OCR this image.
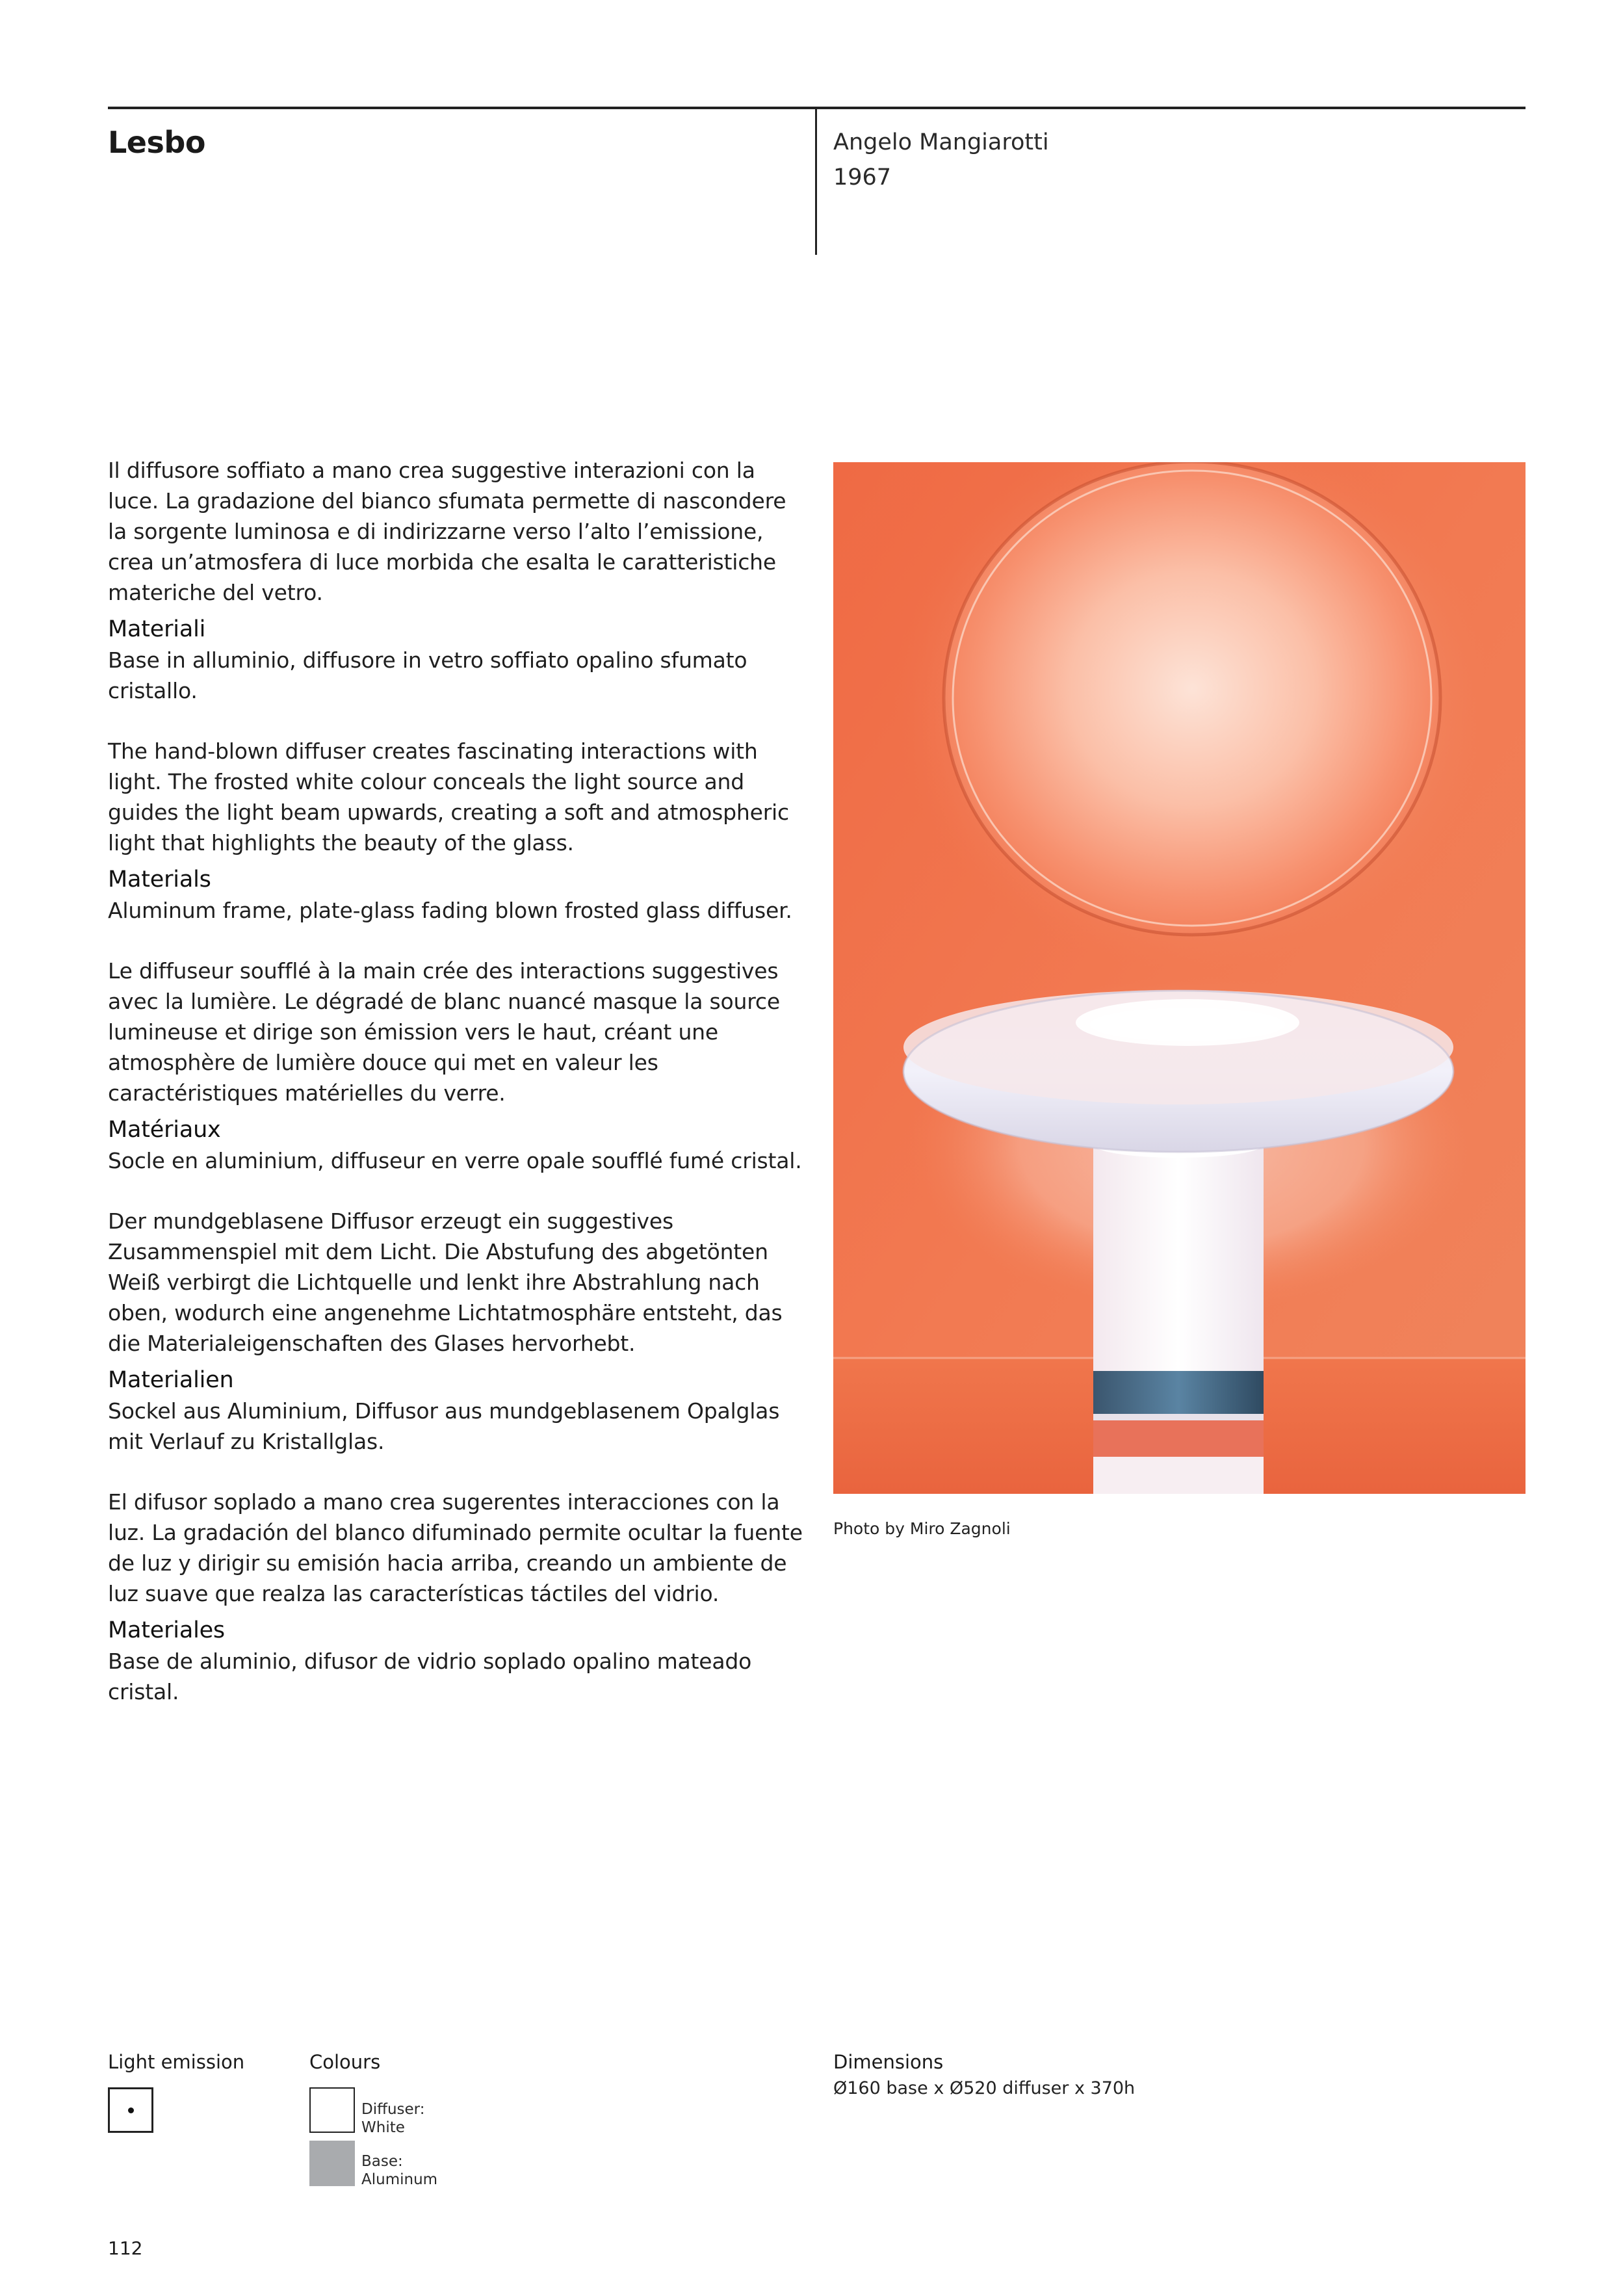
Lesbo	Angelo Mangiarotti
1967

Il diffusore soffiato a mano crea suggestive interazioni con la luce. La gradazione del bianco sfumata permette di nascondere la sorgente luminosa e di indirizzarne verso l’alto l’emissione, crea un’atmosfera di luce morbida che esalta le caratteristiche materiche del vetro.

Materiali

Base in alluminio, diffusore in vetro soffiato opalino sfumato cristallo.

The hand-blown diffuser creates fascinating interactions with light. The frosted white colour conceals the light source and guides the light beam upwards, creating a soft and atmospheric light that highlights the beauty of the glass.

Materials

Aluminum frame, plate-glass fading blown frosted glass diffuser.

Le diffuseur soufflé à la main crée des interactions suggestives avec la lumière. Le dégradé de blanc nuancé masque la source lumineuse et dirige son émission vers le haut, créant une atmosphère de lumière douce qui met en valeur les caractéristiques matérielles du verre.

Matériaux

Socle en aluminium, diffuseur en verre opale soufflé fumé cristal.

Der mundgeblasene Diffusor erzeugt ein suggestives Zusammenspiel mit dem Licht. Die Abstufung des abgetönten Weiß verbirgt die Lichtquelle und lenkt ihre Abstrahlung nach oben, wodurch eine angenehme Lichtatmosphäre entsteht, das die Materialeigenschaften des Glases hervorhebt.

Materialien

Sockel aus Aluminium, Diffusor aus mundgeblasenem Opalglas mit Verlauf zu Kristallglas.

El difusor soplado a mano crea sugerentes interacciones con la luz. La gradación del blanco difuminado permite ocultar la fuente de luz y dirigir su emisión hacia arriba, creando un ambiente de luz suave que realza las características táctiles del vidrio.

Materiales

Base de aluminio, difusor de vidrio soplado opalino mateado cristal.

Photo by Miro Zagnoli
Light emission	Colours
Diffuser:
White
Base:
Aluminum
Dimensions
Ø160 base x Ø520 diffuser x 370h
112
